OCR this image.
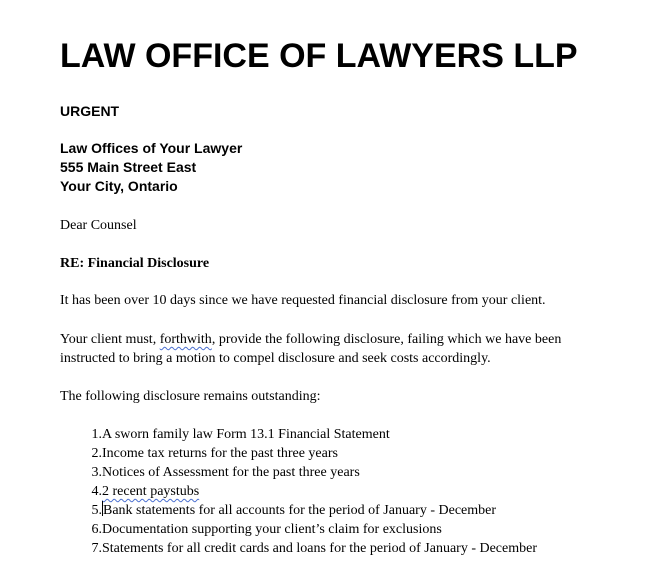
LAW OFFICE OF LAWYERS LLP
URGENT
Law Offices of Your Lawyer
555 Main Street East
Your City, Ontario
Dear Counsel
RE: Financial Disclosure
It has been over 10 days since we have requested financial disclosure from your client.
Your client must, forthwith, provide the following disclosure, failing which we have been
instructed to bring a motion to compel disclosure and seek costs accordingly.
The following disclosure remains outstanding:
1. A sworn family law Form 13.1 Financial Statement
2. Income tax returns for the past three years
3. Notices of Assessment for the past three years
4. 2 recent paystubs
5. Bank statements for all accounts for the period of January - December
6. Documentation supporting your client’s claim for exclusions
7. Statements for all credit cards and loans for the period of January - December
